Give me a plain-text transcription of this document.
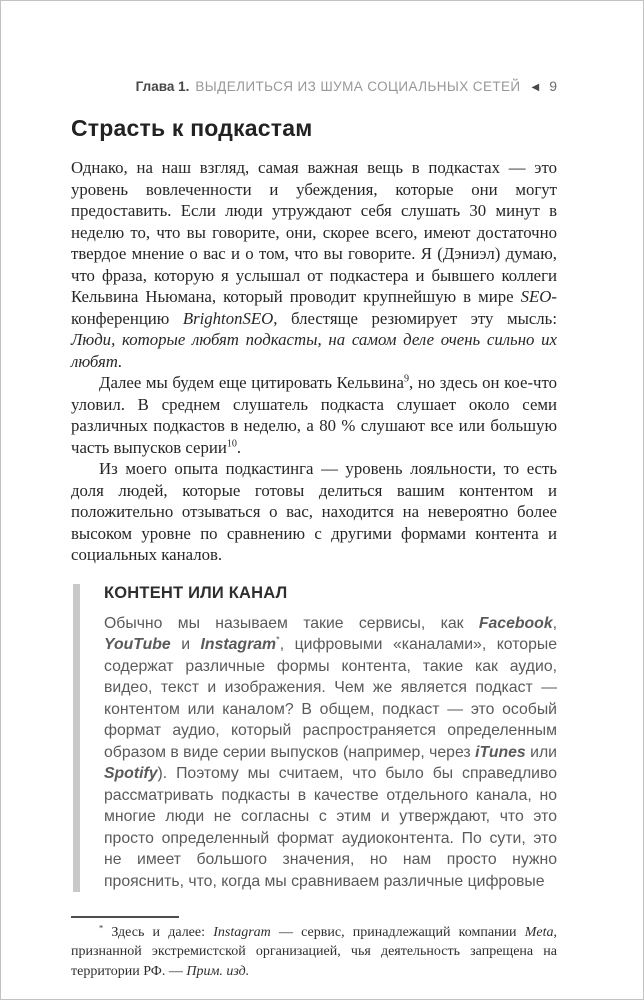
Глава 1. ВЫДЕЛИТЬСЯ ИЗ ШУМА СОЦИАЛЬНЫХ СЕТЕЙ ◀ 9
Страсть к подкастам

Однако, на наш взгляд, самая важная вещь в подкастах — это уровень вовлеченности и убеждения, которые они могут предоставить. Если люди утруждают себя слушать 30 минут в неделю то, что вы говорите, они, скорее всего, имеют достаточно твердое мнение о вас и о том, что вы говорите. Я (Дэниэл) думаю, что фраза, которую я услышал от подкастера и бывшего коллеги Кельвина Ньюмана, который проводит крупнейшую в мире SEO-конференцию BrightonSEO, блестяще резюмирует эту мысль: Люди, которые любят подкасты, на самом деле очень сильно их любят.

Далее мы будем еще цитировать Кельвина$^9$, но здесь он кое-что уловил. В среднем слушатель подкаста слушает около семи различных подкастов в неделю, а 80 % слушают все или большую часть выпусков серии$^{10}$.

Из моего опыта подкастинга — уровень лояльности, то есть доля людей, которые готовы делиться вашим контентом и положительно отзываться о вас, находится на невероятно более высоком уровне по сравнению с другими формами контента и социальных каналов.

КОНТЕНТ ИЛИ КАНАЛ

Обычно мы называем такие сервисы, как Facebook, YouTube и Instagram*, цифровыми «каналами», которые содержат различные формы контента, такие как аудио, видео, текст и изображения. Чем же является подкаст — контентом или каналом? В общем, подкаст — это особый формат аудио, который распространяется определенным образом в виде серии выпусков (например, через iTunes или Spotify). Поэтому мы считаем, что было бы справедливо рассматривать подкасты в качестве отдельного канала, но многие люди не согласны с этим и утверждают, что это просто определенный формат аудиоконтента. По сути, это не имеет большого значения, но нам просто нужно прояснить, что, когда мы сравниваем различные цифровые

* Здесь и далее: Instagram — сервис, принадлежащий компании Meta, признанной экстремистской организацией, чья деятельность запрещена на территории РФ. — Прим. изд.
